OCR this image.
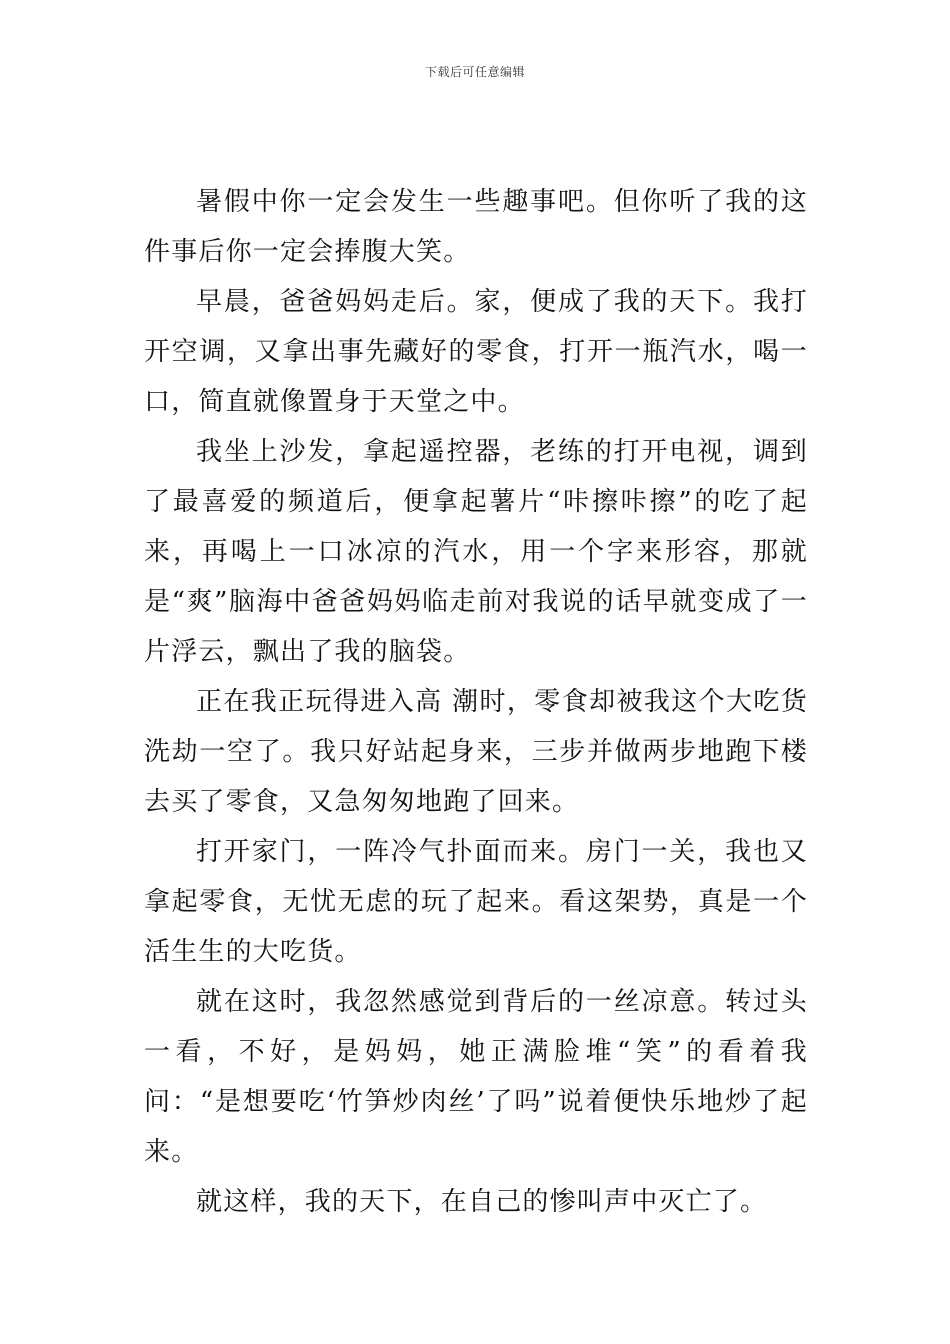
下载后可任意编辑

暑假中你一定会发生一些趣事吧。但你听了我的这件事后你一定会捧腹大笑。

早晨，爸爸妈妈走后。家，便成了我的天下。我打开空调，又拿出事先藏好的零食，打开一瓶汽水，喝一口，简直就像置身于天堂之中。

我坐上沙发，拿起遥控器，老练的打开电视，调到了最喜爱的频道后，便拿起薯片“咔擦咔擦”的吃了起来，再喝上一口冰凉的汽水，用一个字来形容，那就是“爽”脑海中爸爸妈妈临走前对我说的话早就变成了一片浮云，飘出了我的脑袋。

正在我正玩得进入高 潮时，零食却被我这个大吃货洗劫一空了。我只好站起身来，三步并做两步地跑下楼去买了零食，又急匆匆地跑了回来。

打开家门，一阵冷气扑面而来。房门一关，我也又拿起零食，无忧无虑的玩了起来。看这架势，真是一个活生生的大吃货。

就在这时，我忽然感觉到背后的一丝凉意。转过头一看，不好，是妈妈，她正满脸堆“笑”的看着我问：“是想要吃‘竹笋炒肉丝’了吗”说着便快乐地炒了起来。

就这样，我的天下，在自己的惨叫声中灭亡了。
